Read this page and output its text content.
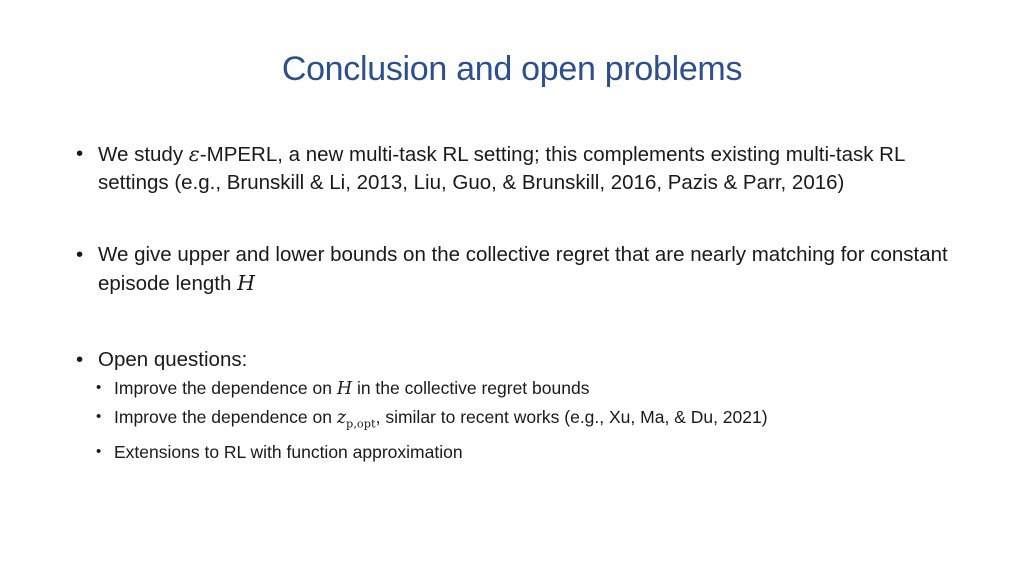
Conclusion and open problems
• We study ε-MPERL, a new multi-task RL setting; this complements existing multi-task RL settings (e.g., Brunskill & Li, 2013, Liu, Guo, & Brunskill, 2016, Pazis & Parr, 2016)
• We give upper and lower bounds on the collective regret that are nearly matching for constant episode length H
• Open questions:
• Improve the dependence on H in the collective regret bounds
• Improve the dependence on $z_{p,opt}$, similar to recent works (e.g., Xu, Ma, & Du, 2021)
• Extensions to RL with function approximation
